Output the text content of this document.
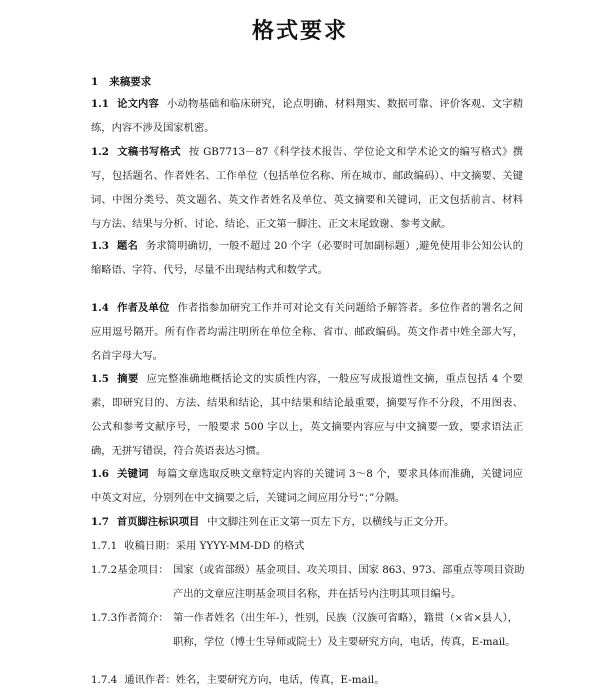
格式要求
1 来稿要求
1.1 论文内容 小动物基础和临床研究，论点明确、材料翔实、数据可靠、评价客观、文字精练，内容不涉及国家机密。
1.2 文稿书写格式 按 GB7713－87《科学技术报告、学位论文和学术论文的编写格式》撰写，包括题名、作者姓名、工作单位（包括单位名称、所在城市、邮政编码）、中文摘要、关键词、中图分类号、英文题名、英文作者姓名及单位、英文摘要和关键词，正文包括前言、材料与方法、结果与分析、讨论、结论、正文第一脚注、正文末尾致谢、参考文献。
1.3 题名 务求简明确切，一般不超过 20 个字（必要时可加副标题）,避免使用非公知公认的缩略语、字符、代号，尽量不出现结构式和数学式。
1.4 作者及单位 作者指参加研究工作并可对论文有关问题给予解答者。多位作者的署名之间应用逗号隔开。所有作者均需注明所在单位全称、省市、邮政编码。英文作者中姓全部大写，名首字母大写。
1.5 摘要 应完整准确地概括论文的实质性内容，一般应写成报道性文摘，重点包括 4 个要素，即研究目的、方法、结果和结论，其中结果和结论最重要，摘要写作不分段，不用图表、公式和参考文献序号，一般要求 500 字以上，英文摘要内容应与中文摘要一致，要求语法正确，无拼写错误，符合英语表达习惯。
1.6 关键词 每篇文章选取反映文章特定内容的关键词 3～8 个，要求具体而准确，关键词应中英文对应，分别列在中文摘要之后，关键词之间应用分号“；”分隔。
1.7 首页脚注标识项目 中文脚注列在正文第一页左下方，以横线与正文分开。
1.7.1 收稿日期：采用 YYYY-MM-DD 的格式
1.7.2基金项目： 国家（或省部级）基金项目、攻关项目、国家 863、973、部重点等项目资助产出的文章应注明基金项目名称，并在括号内注明其项目编号。
1.7.3作者简介： 第一作者姓名（出生年-），性别，民族（汉族可省略），籍贯（×省×县人），职称，学位（博士生导师或院士）及主要研究方向，电话，传真，E-mail。
1.7.4 通讯作者：姓名，主要研究方向，电话，传真，E-mail。
